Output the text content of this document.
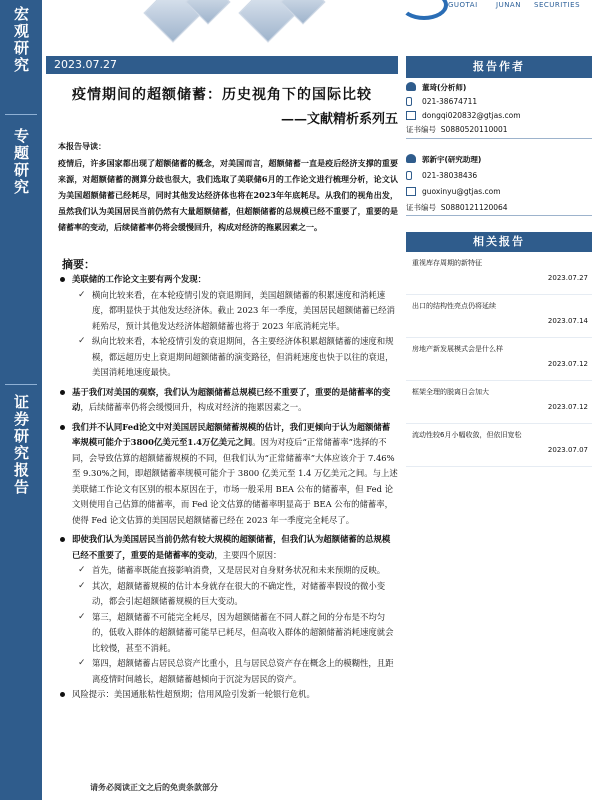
宏观研究
专题研究
证券研究报告
GUOTAI	JUNAN SECURITIES
2023.07.27
疫情期间的超额储蓄：历史视角下的国际比较
——文献精析系列五
本报告导读：
疫情后，许多国家都出现了超额储蓄的概念，对美国而言，超额储蓄一直是疫后经济支撑的重要来源，对超额储蓄的测算分歧也很大，我们选取了美联储6月的工作论文进行梳理分析，论文认为美国超额储蓄已经耗尽，同时其他发达经济体也将在2023年年底耗尽。从我们的视角出发，虽然我们认为美国居民当前仍然有大量超额储蓄，但超额储蓄的总规模已经不重要了，重要的是储蓄率的变动，后续储蓄率仍将会缓慢回升，构成对经济的拖累因素之一。
摘要：
美联储的工作论文主要有两个发现：
✓ 横向比较来看，在本轮疫情引发的衰退期间，美国超额储蓄的积累速度和消耗速度，都明显快于其他发达经济体。截止 2023 年一季度，美国居民超额储蓄已经消耗殆尽，预计其他发达经济体超额储蓄也将于 2023 年底消耗完毕。
✓ 纵向比较来看，本轮疫情引发的衰退期间，各主要经济体积累超额储蓄的速度和规模，都远超历史上衰退期间超额储蓄的演变路径，但消耗速度也快于以往的衰退，美国消耗地速度最快。
基于我们对美国的观察，我们认为超额储蓄总规模已经不重要了，重要的是储蓄率的变动，后续储蓄率仍将会缓慢回升，构成对经济的拖累因素之一。
我们并不认同Fed论文中对美国居民超额储蓄规模的估计，我们更倾向于认为超额储蓄率规模可能介于3800亿美元至1.4万亿美元之间。因为对疫后“正常储蓄率”选择的不同，会导致估算的超额储蓄规模的不同，但我们认为“正常储蓄率”大体应该介于 7.46%至 9.30%之间，即超额储蓄率规模可能介于 3800 亿美元至 1.4 万亿美元之间。与上述美联储工作论文有区别的根本原因在于，市场一般采用 BEA 公布的储蓄率，但 Fed 论文则使用自己估算的储蓄率，而 Fed 论文估算的储蓄率明显高于 BEA 公布的储蓄率，使得 Fed 论文估算的美国居民超额储蓄已经在 2023 年一季度完全耗尽了。
即使我们认为美国居民当前仍然有较大规模的超额储蓄，但我们认为超额储蓄的总规模已经不重要了，重要的是储蓄率的变动，主要四个原因：
✓ 首先，储蓄率既能直接影响消费，又是居民对自身财务状况和未来预期的反映。
✓ 其次，超额储蓄规模的估计本身就存在很大的不确定性，对储蓄率假设的微小变动，都会引起超额储蓄规模的巨大变动。
✓ 第三，超额储蓄不可能完全耗尽，因为超额储蓄在不同人群之间的分布是不均匀的，低收入群体的超额储蓄可能早已耗尽，但高收入群体的超额储蓄消耗速度就会比较慢，甚至不消耗。
✓ 第四，超额储蓄占居民总资产比重小，且与居民总资产存在概念上的模糊性，且距离疫情时间越长，超额储蓄越倾向于沉淀为居民的资产。
风险提示：美国通胀粘性超预期；信用风险引发新一轮银行危机。
请务必阅读正文之后的免责条款部分
报告作者
董琦(分析师)
021-38674711
dongqi020832@gtjas.com
证书编号 S0880520110001
郭新宇(研究助理)
021-38038436
guoxinyu@gtjas.com
证书编号 S0880121120064
相关报告
重视库存周期的新特征
2023.07.27
出口的结构性亮点仍将延续
2023.07.14
房地产新发展模式会是什么样
2023.07.12
框架全理的脱离日会加大
2023.07.12
流动性较6月小幅收敛，但依旧宽松
2023.07.07
